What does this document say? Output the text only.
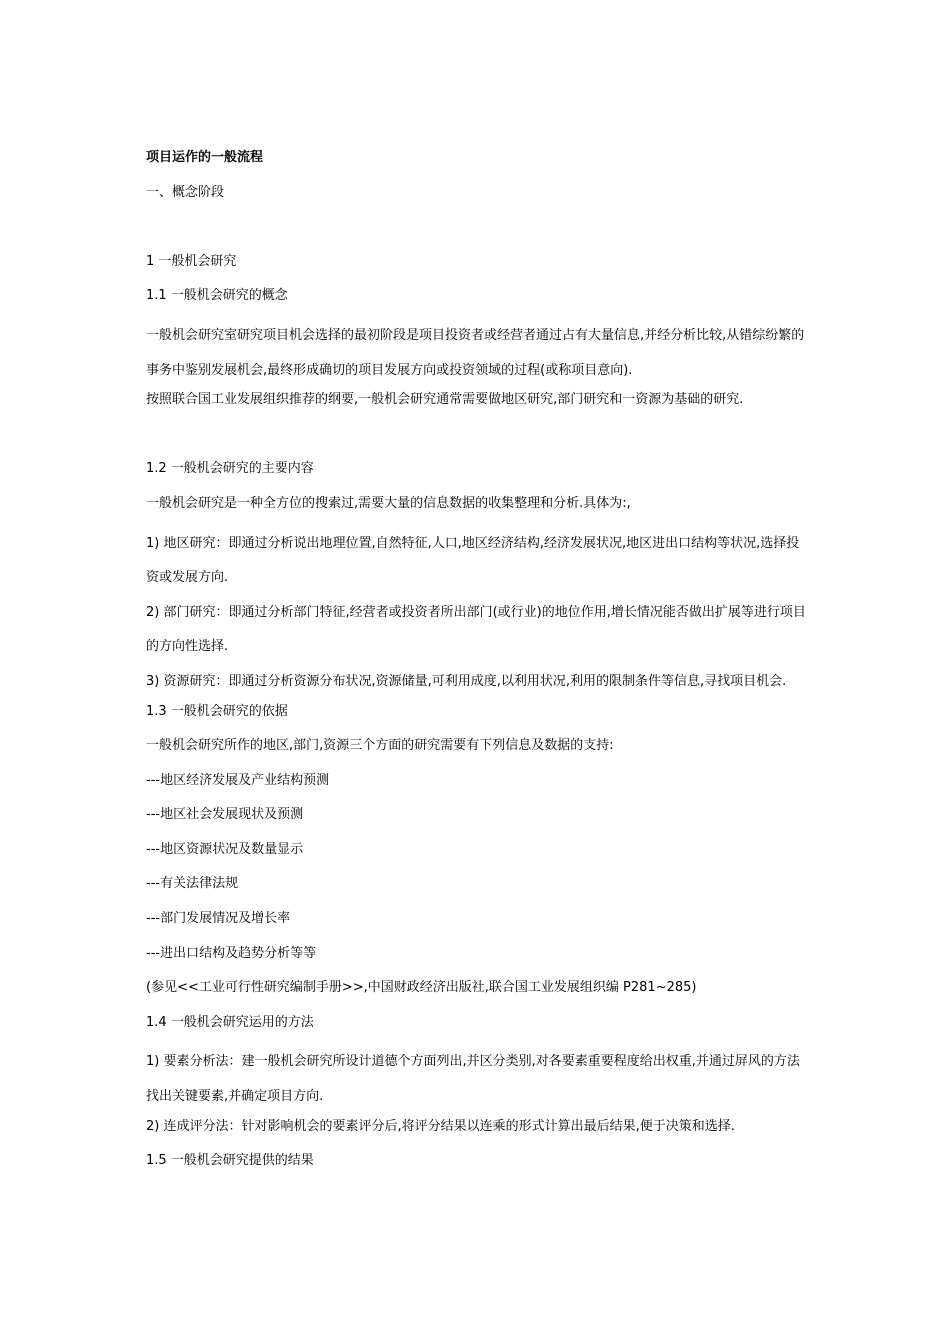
项目运作的一般流程
一、概念阶段
1 一般机会研究
1.1 一般机会研究的概念
一般机会研究室研究项目机会选择的最初阶段是项目投资者或经营者通过占有大量信息,并经分析比较,从错综纷繁的事务中鉴别发展机会,最终形成确切的项目发展方向或投资领域的过程(或称项目意向).
按照联合国工业发展组织推荐的纲要,一般机会研究通常需要做地区研究,部门研究和一资源为基础的研究.
1.2 一般机会研究的主要内容
一般机会研究是一种全方位的搜索过,需要大量的信息数据的收集整理和分析.具体为:,
1) 地区研究：即通过分析说出地理位置,自然特征,人口,地区经济结构,经济发展状况,地区进出口结构等状况,选择投资或发展方向.
2) 部门研究：即通过分析部门特征,经营者或投资者所出部门(或行业)的地位作用,增长情况能否做出扩展等进行项目的方向性选择.
3) 资源研究：即通过分析资源分布状况,资源储量,可利用成度,以利用状况,利用的限制条件等信息,寻找项目机会.
1.3 一般机会研究的依据
一般机会研究所作的地区,部门,资源三个方面的研究需要有下列信息及数据的支持:
---地区经济发展及产业结构预测
---地区社会发展现状及预测
---地区资源状况及数量显示
---有关法律法规
---部门发展情况及增长率
---进出口结构及趋势分析等等
(参见<<工业可行性研究编制手册>>,中国财政经济出版社,联合国工业发展组织编 P281~285)
1.4 一般机会研究运用的方法
1) 要素分析法：建一般机会研究所设计道德个方面列出,并区分类别,对各要素重要程度给出权重,并通过屏风的方法找出关键要素,并确定项目方向.
2) 连成评分法：针对影响机会的要素评分后,将评分结果以连乘的形式计算出最后结果,便于决策和选择.
1.5 一般机会研究提供的结果
